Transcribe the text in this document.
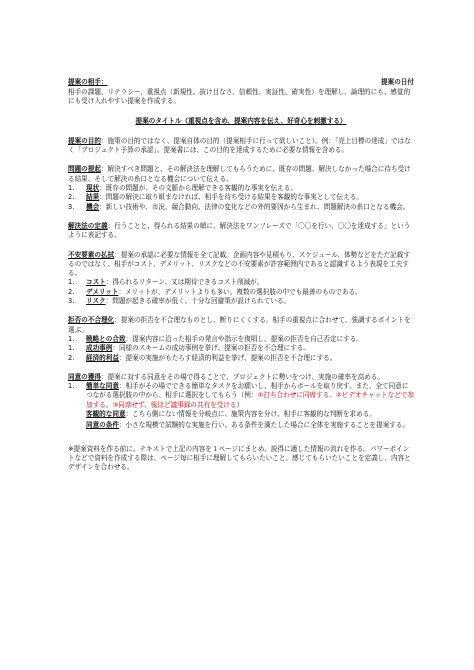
提案の相手：	提案の日付

相手の課題、リテラシー、重視点（新規性、抜け目なさ、信頼性、実証性、確実性）を理解し、論理的にも、感覚的にも受け入れやすい提案を作成する。

提案のタイトル（重視点を含め、提案内容を伝え、好奇心を刺激する）

提案の目的：施策の目的ではなく、提案自体の目的（提案相手に行って欲しいこと）。例：「売上目標の達成」ではなく「プロジェクト予算の承認」。提案書には、この目的を達成するために必要な情報を含める。

問題の提起：解決すべき問題と、その解決法を理解してもらうために、既存の問題、解決しなかった場合に待ち受ける結果、そして解決の糸口となる機会について伝える。

1.	現状：既存の問題が、その文脈から理解できる客観的な事実を伝える。
2.	結果：問題の解決に取り組まなければ、相手を待ち受ける結果を客観的な事実として伝える。
3.	機会：新しい技術や、市況、競合動向、法律の変化などの外的要因から生まれ、問題解決の糸口となる機会。

解決法の定義：行うことと、得られる結果の順に、解決法をワンフレーズで「〇〇を行い、〇〇を達成する」というように表記する。

不安要素の払拭：提案の承認に必要な情報を全て記載。企画内容や見積もり、スケジュール、体勢などをただ記載するのではなく、相手がコスト、デメリット、リスクなどの不安要素が許容範囲内であると認識するよう表現を工夫する。

1.	コスト：得られるリターン、又は期待できるコスト削減が。
2.	デメリット：メリットが、デメリットよりも多い。複数の選択肢の中でも最善のものである。
3.	リスク：問題が起きる確率が低く、十分な回避策が設けられている。

拒否の不合理化：提案の拒否を不合理なものとし、断りにくくする。相手の重視点に合わせて、強調するポイントを選ぶ。

1.	戦略との合致：提案内容に沿った相手の発言や指示を復唱し、提案の拒否を自己否定にする。
1.	成功事例：同様のスキームの成功事例を挙げ、提案の拒否を不合理にする。
2.	経済的利益：提案の実施がもたらす経済的利益を挙げ、提案の拒否を不合理にする。

同意の獲得：提案に対する同意をその場で得ることで、プロジェクトに勢いをつけ、実施の確率を高める。

1.	簡単な同意：相手がその場でできる簡単なタスクをお願いし、相手からボールを取り戻す。また、全て同意につながる選択肢の中から、相手に選択をしてもらう（例：①打ち合わせに同席する。②ビデオチャットなどで参加する。③同席せず、後ほど議事録の共有を受ける）

客観的な同意：こちら側にない情報を分岐点に、施策内容を分け、相手に客観的な判断を求める。

同意の条件：小さな規模で試験的な実施を行い、ある条件を満たした場合に全体を実施することを提案する。

※提案資料を作る前に、テキストで上記の内容を１ページにまとめ、説得に適した情報の流れを作る。パワーポイントなどで資料を作成する際は、ページ毎に相手に理解してもらいたいこと、感じてもらいたいことを定義し、内容とデザインを合わせる。
